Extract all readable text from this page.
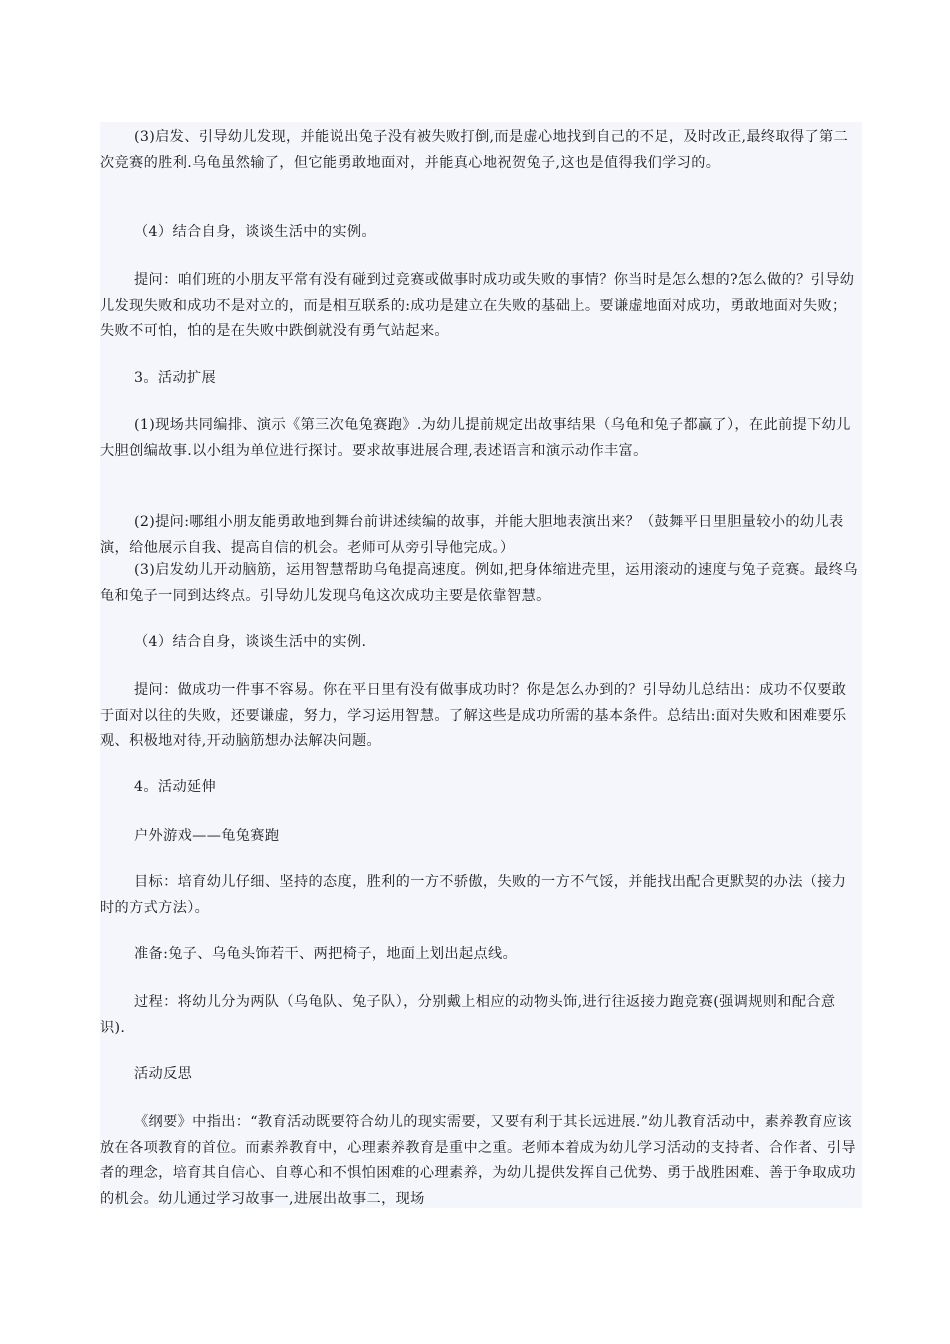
(3)启发、引导幼儿发现，并能说出兔子没有被失败打倒,而是虚心地找到自己的不足，及时改正,最终取得了第二次竞赛的胜利.乌龟虽然输了，但它能勇敢地面对，并能真心地祝贺兔子,这也是值得我们学习的。

（4）结合自身，谈谈生活中的实例。

提问：咱们班的小朋友平常有没有碰到过竞赛或做事时成功或失败的事情？你当时是怎么想的?怎么做的？引导幼儿发现失败和成功不是对立的，而是相互联系的:成功是建立在失败的基础上。要谦虚地面对成功，勇敢地面对失败；失败不可怕，怕的是在失败中跌倒就没有勇气站起来。

3。活动扩展

(1)现场共同编排、演示《第三次龟兔赛跑》.为幼儿提前规定出故事结果（乌龟和兔子都赢了），在此前提下幼儿大胆创编故事.以小组为单位进行探讨。要求故事进展合理,表述语言和演示动作丰富。

(2)提问:哪组小朋友能勇敢地到舞台前讲述续编的故事，并能大胆地表演出来？（鼓舞平日里胆量较小的幼儿表演，给他展示自我、提高自信的机会。老师可从旁引导他完成。）

(3)启发幼儿开动脑筋，运用智慧帮助乌龟提高速度。例如,把身体缩进壳里，运用滚动的速度与兔子竞赛。最终乌龟和兔子一同到达终点。引导幼儿发现乌龟这次成功主要是依靠智慧。

（4）结合自身，谈谈生活中的实例.

提问：做成功一件事不容易。你在平日里有没有做事成功时？你是怎么办到的？引导幼儿总结出：成功不仅要敢于面对以往的失败，还要谦虚，努力，学习运用智慧。了解这些是成功所需的基本条件。总结出:面对失败和困难要乐观、积极地对待,开动脑筋想办法解决问题。

4。活动延伸

户外游戏——龟兔赛跑

目标：培育幼儿仔细、坚持的态度，胜利的一方不骄傲，失败的一方不气馁，并能找出配合更默契的办法（接力时的方式方法）。

准备:兔子、乌龟头饰若干、两把椅子，地面上划出起点线。

过程：将幼儿分为两队（乌龟队、兔子队），分别戴上相应的动物头饰,进行往返接力跑竞赛(强调规则和配合意识).

活动反思

《纲要》中指出：“教育活动既要符合幼儿的现实需要，又要有利于其长远进展.”幼儿教育活动中，素养教育应该放在各项教育的首位。而素养教育中，心理素养教育是重中之重。老师本着成为幼儿学习活动的支持者、合作者、引导者的理念，培育其自信心、自尊心和不惧怕困难的心理素养，为幼儿提供发挥自己优势、勇于战胜困难、善于争取成功的机会。幼儿通过学习故事一,进展出故事二，现场
